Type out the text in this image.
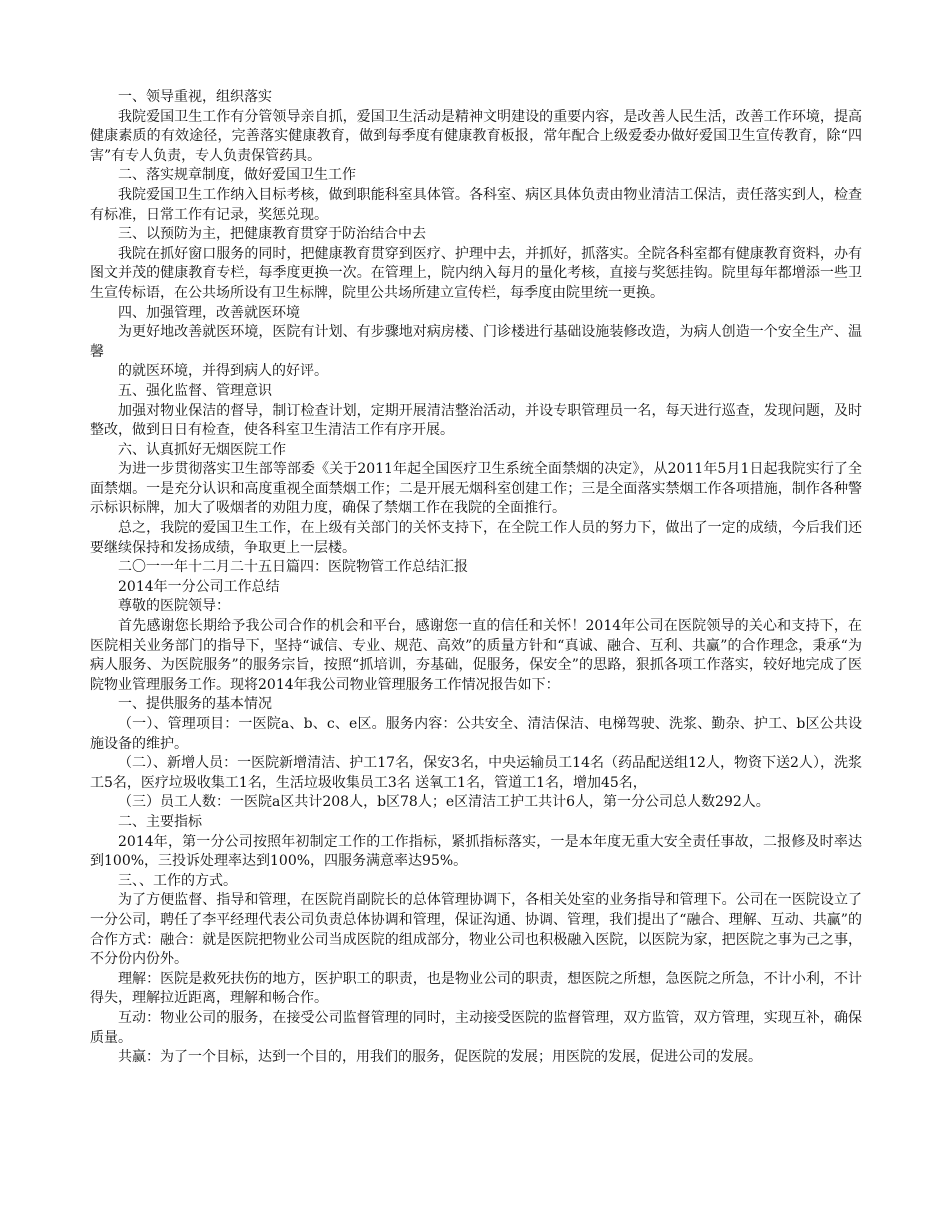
一、领导重视，组织落实

我院爱国卫生工作有分管领导亲自抓，爱国卫生活动是精神文明建设的重要内容，是改善人民生活，改善工作环境，提高健康素质的有效途径，完善落实健康教育，做到每季度有健康教育板报，常年配合上级爱委办做好爱国卫生宣传教育，除“四害”有专人负责，专人负责保管药具。

二、落实规章制度，做好爱国卫生工作

我院爱国卫生工作纳入目标考核，做到职能科室具体管。各科室、病区具体负责由物业清洁工保洁，责任落实到人，检查有标准，日常工作有记录，奖惩兑现。

三、以预防为主，把健康教育贯穿于防治结合中去

我院在抓好窗口服务的同时，把健康教育贯穿到医疗、护理中去，并抓好，抓落实。全院各科室都有健康教育资料，办有图文并茂的健康教育专栏，每季度更换一次。在管理上，院内纳入每月的量化考核，直接与奖惩挂钩。院里每年都增添一些卫生宣传标语，在公共场所设有卫生标牌，院里公共场所建立宣传栏，每季度由院里统一更换。

四、加强管理，改善就医环境

为更好地改善就医环境，医院有计划、有步骤地对病房楼、门诊楼进行基础设施装修改造，为病人创造一个安全生产、温馨

的就医环境，并得到病人的好评。

五、强化监督、管理意识

加强对物业保洁的督导，制订检查计划，定期开展清洁整治活动，并设专职管理员一名，每天进行巡查，发现问题，及时整改，做到日日有检查，使各科室卫生清洁工作有序开展。

六、认真抓好无烟医院工作

为进一步贯彻落实卫生部等部委《关于2011年起全国医疗卫生系统全面禁烟的决定》，从2011年5月1日起我院实行了全面禁烟。一是充分认识和高度重视全面禁烟工作；二是开展无烟科室创建工作；三是全面落实禁烟工作各项措施，制作各种警示标识标牌，加大了吸烟者的劝阻力度，确保了禁烟工作在我院的全面推行。

总之，我院的爱国卫生工作，在上级有关部门的关怀支持下，在全院工作人员的努力下，做出了一定的成绩，今后我们还要继续保持和发扬成绩，争取更上一层楼。

二〇一一年十二月二十五日篇四：医院物管工作总结汇报

2014年一分公司工作总结

尊敬的医院领导：

首先感谢您长期给予我公司合作的机会和平台，感谢您一直的信任和关怀！2014年公司在医院领导的关心和支持下，在医院相关业务部门的指导下，坚持“诚信、专业、规范、高效”的质量方针和“真诚、融合、互利、共赢”的合作理念，秉承“为病人服务、为医院服务”的服务宗旨，按照“抓培训，夯基础，促服务，保安全”的思路，狠抓各项工作落实，较好地完成了医院物业管理服务工作。现将2014年我公司物业管理服务工作情况报告如下：

一、提供服务的基本情况

（一）、管理项目：一医院a、b、c、e区。服务内容：公共安全、清洁保洁、电梯驾驶、洗浆、勤杂、护工、b区公共设施设备的维护。

（二）、新增人员：一医院新增清洁、护工17名，保安3名，中央运输员工14名（药品配送组12人，物资下送2人），洗浆工5名，医疗垃圾收集工1名，生活垃圾收集员工3名 送氧工1名，管道工1名，增加45名，

（三）员工人数：一医院a区共计208人，b区78人；e区清洁工护工共计6人，第一分公司总人数292人。

二、主要指标

2014年，第一分公司按照年初制定工作的工作指标，紧抓指标落实，一是本年度无重大安全责任事故，二报修及时率达到100%，三投诉处理率达到100%，四服务满意率达95%。

三、、工作的方式。

为了方便监督、指导和管理，在医院肖副院长的总体管理协调下，各相关处室的业务指导和管理下。公司在一医院设立了一分公司，聘任了李平经理代表公司负责总体协调和管理，保证沟通、协调、管理，我们提出了“融合、理解、互动、共赢”的合作方式：融合：就是医院把物业公司当成医院的组成部分，物业公司也积极融入医院，以医院为家，把医院之事为己之事，不分份内份外。

理解：医院是救死扶伤的地方，医护职工的职责，也是物业公司的职责，想医院之所想，急医院之所急，不计小利，不计得失，理解拉近距离，理解和畅合作。

互动：物业公司的服务，在接受公司监督管理的同时，主动接受医院的监督管理，双方监管，双方管理，实现互补，确保质量。

共赢：为了一个目标，达到一个目的，用我们的服务，促医院的发展；用医院的发展，促进公司的发展。
